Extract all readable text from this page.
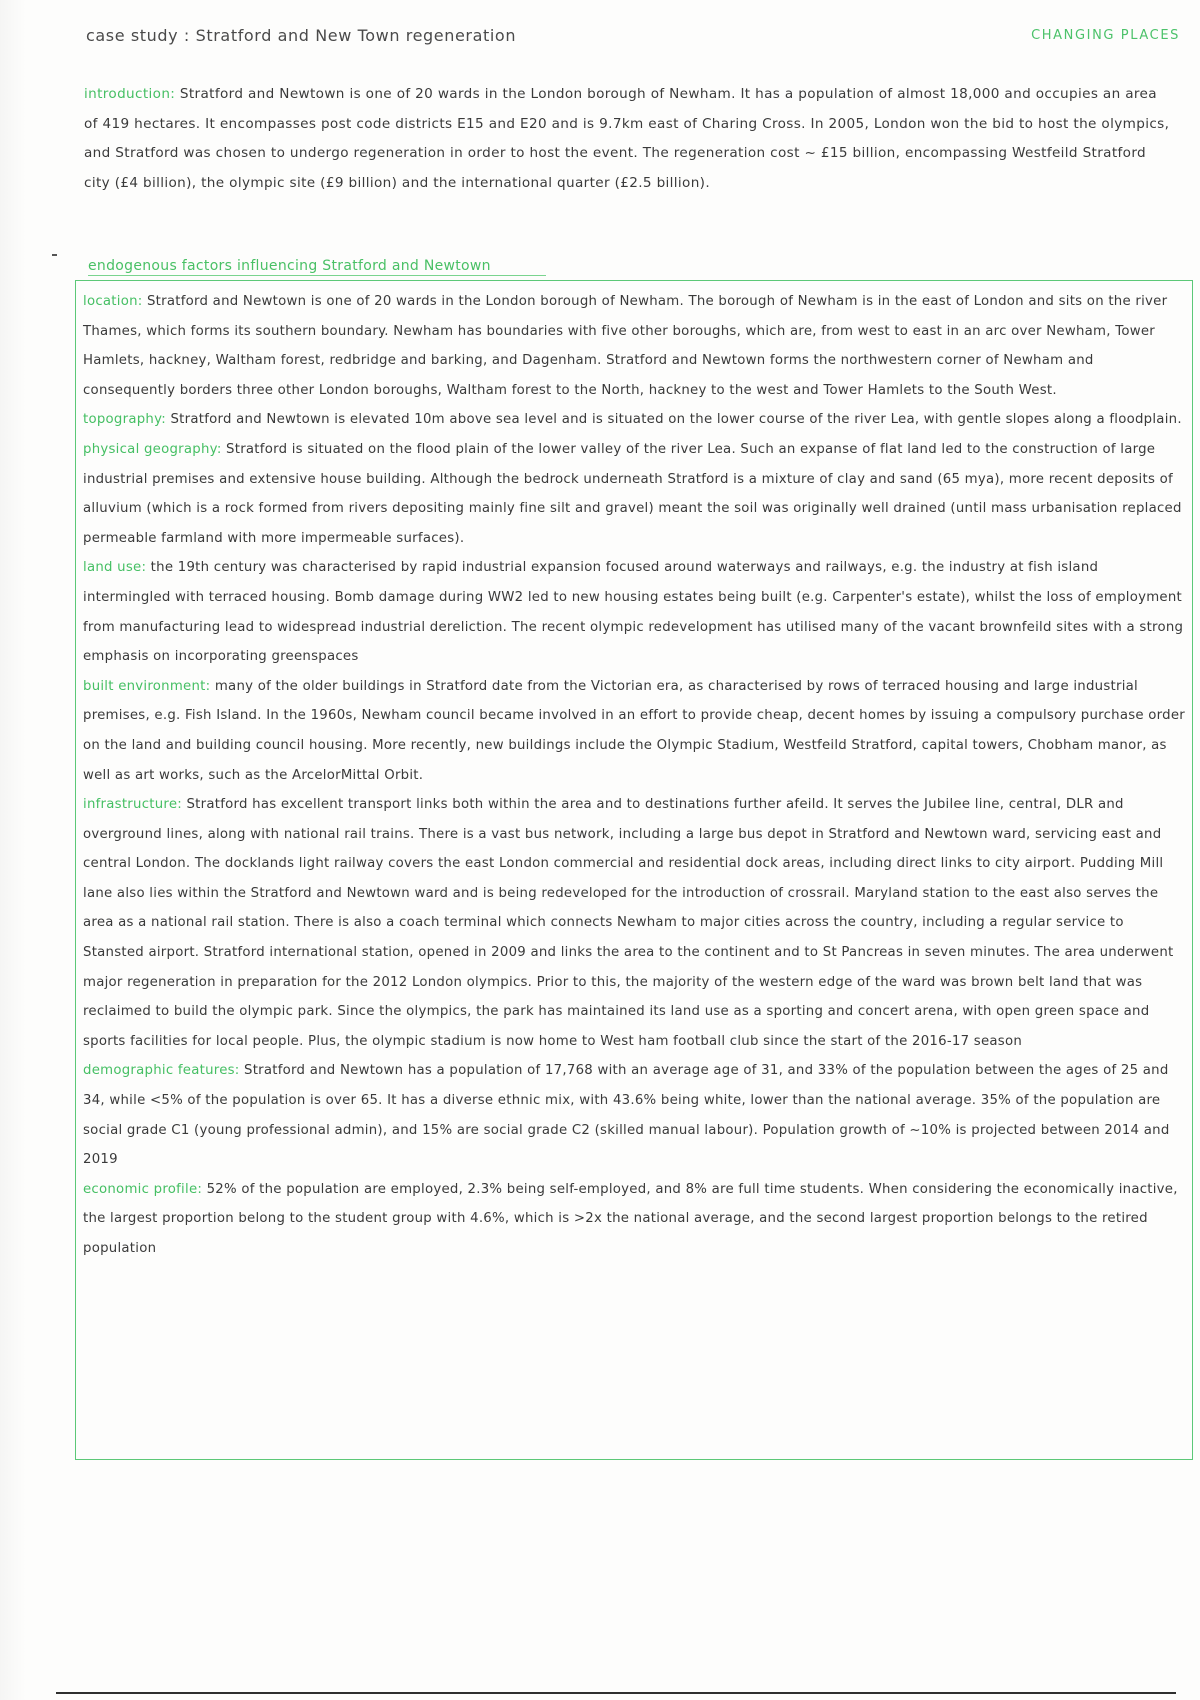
case study : Stratford and New Town regeneration	CHANGING PLACES

introduction: Stratford and Newtown is one of 20 wards in the London borough of Newham. It has a population of almost 18,000 and occupies an area of 419 hectares. It encompasses post code districts E15 and E20 and is 9.7km east of Charing Cross. In 2005, London won the bid to host the olympics, and Stratford was chosen to undergo regeneration in order to host the event. The regeneration cost ~ £15 billion, encompassing Westfeild Stratford city (£4 billion), the olympic site (£9 billion) and the international quarter (£2.5 billion).

endogenous factors influencing Stratford and Newtown

location: Stratford and Newtown is one of 20 wards in the London borough of Newham. The borough of Newham is in the east of London and sits on the river Thames, which forms its southern boundary. Newham has boundaries with five other boroughs, which are, from west to east in an arc over Newham, Tower Hamlets, hackney, Waltham forest, redbridge and barking, and Dagenham. Stratford and Newtown forms the northwestern corner of Newham and consequently borders three other London boroughs, Waltham forest to the North, hackney to the west and Tower Hamlets to the South West.

topography: Stratford and Newtown is elevated 10m above sea level and is situated on the lower course of the river Lea, with gentle slopes along a floodplain.

physical geography: Stratford is situated on the flood plain of the lower valley of the river Lea. Such an expanse of flat land led to the construction of large industrial premises and extensive house building. Although the bedrock underneath Stratford is a mixture of clay and sand (65 mya), more recent deposits of alluvium (which is a rock formed from rivers depositing mainly fine silt and gravel) meant the soil was originally well drained (until mass urbanisation replaced permeable farmland with more impermeable surfaces).

land use: the 19th century was characterised by rapid industrial expansion focused around waterways and railways, e.g. the industry at fish island intermingled with terraced housing. Bomb damage during WW2 led to new housing estates being built (e.g. Carpenter's estate), whilst the loss of employment from manufacturing lead to widespread industrial dereliction. The recent olympic redevelopment has utilised many of the vacant brownfeild sites with a strong emphasis on incorporating greenspaces

built environment: many of the older buildings in Stratford date from the Victorian era, as characterised by rows of terraced housing and large industrial premises, e.g. Fish Island. In the 1960s, Newham council became involved in an effort to provide cheap, decent homes by issuing a compulsory purchase order on the land and building council housing. More recently, new buildings include the Olympic Stadium, Westfeild Stratford, capital towers, Chobham manor, as well as art works, such as the ArcelorMittal Orbit.

infrastructure: Stratford has excellent transport links both within the area and to destinations further afeild. It serves the Jubilee line, central, DLR and overground lines, along with national rail trains. There is a vast bus network, including a large bus depot in Stratford and Newtown ward, servicing east and central London. The docklands light railway covers the east London commercial and residential dock areas, including direct links to city airport. Pudding Mill lane also lies within the Stratford and Newtown ward and is being redeveloped for the introduction of crossrail. Maryland station to the east also serves the area as a national rail station. There is also a coach terminal which connects Newham to major cities across the country, including a regular service to Stansted airport. Stratford international station, opened in 2009 and links the area to the continent and to St Pancreas in seven minutes. The area underwent major regeneration in preparation for the 2012 London olympics. Prior to this, the majority of the western edge of the ward was brown belt land that was reclaimed to build the olympic park. Since the olympics, the park has maintained its land use as a sporting and concert arena, with open green space and sports facilities for local people. Plus, the olympic stadium is now home to West ham football club since the start of the 2016-17 season

demographic features: Stratford and Newtown has a population of 17,768 with an average age of 31, and 33% of the population between the ages of 25 and 34, while <5% of the population is over 65. It has a diverse ethnic mix, with 43.6% being white, lower than the national average. 35% of the population are social grade C1 (young professional admin), and 15% are social grade C2 (skilled manual labour). Population growth of ~10% is projected between 2014 and 2019

economic profile: 52% of the population are employed, 2.3% being self-employed, and 8% are full time students. When considering the economically inactive, the largest proportion belong to the student group with 4.6%, which is >2x the national average, and the second largest proportion belongs to the retired population
